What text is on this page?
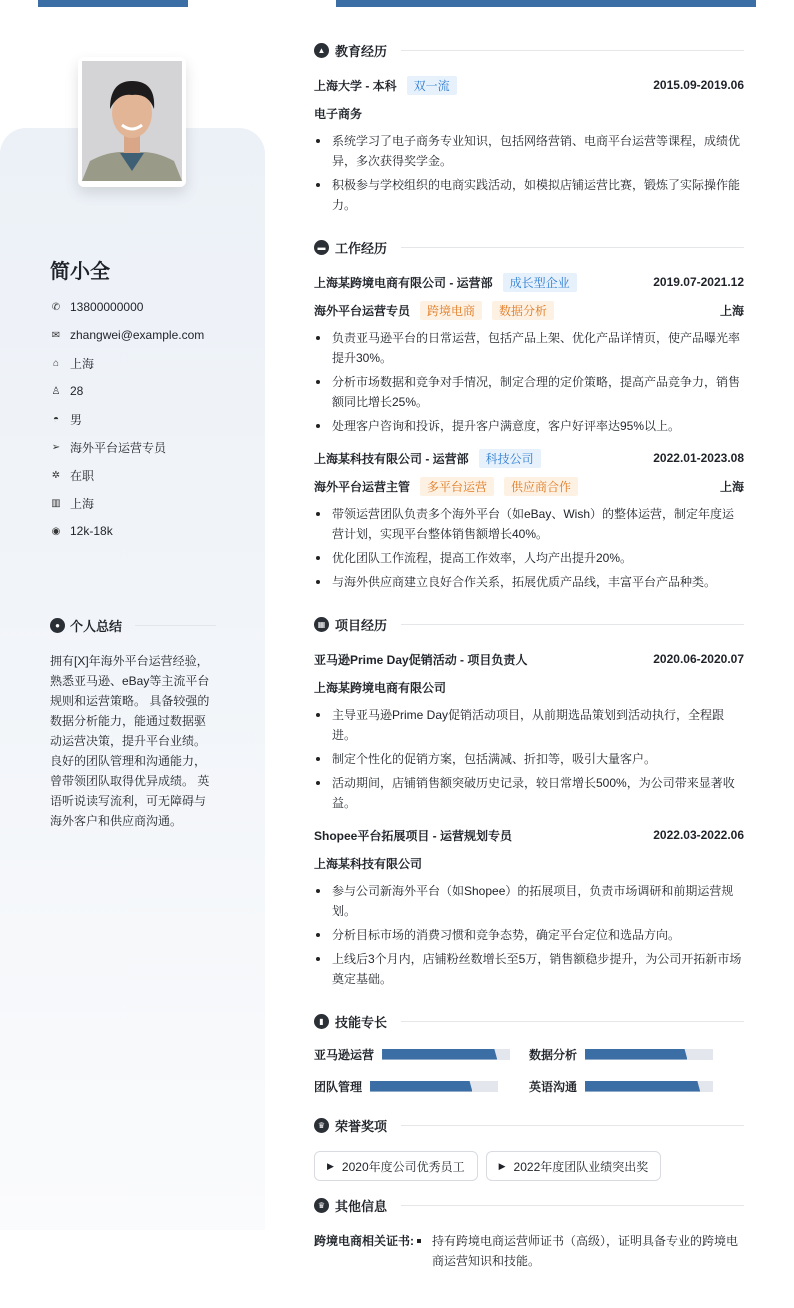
简小全
✆ 13800000000
✉ zhangwei@example.com
⌂ 上海
♙ 28
◓ 男
➢ 海外平台运营专员
✲ 在职
▥ 上海
◉ 12k-18k
● 个人总结
拥有[X]年海外平台运营经验，熟悉亚马逊、eBay等主流平台规则和运营策略。 具备较强的数据分析能力，能通过数据驱动运营决策，提升平台业绩。良好的团队管理和沟通能力，曾带领团队取得优异成绩。 英语听说读写流利，可无障碍与海外客户和供应商沟通。
▲ 教育经历
上海大学 - 本科	双一流	2015.09-2019.06
电子商务
系统学习了电子商务专业知识，包括网络营销、电商平台运营等课程，成绩优异，多次获得奖学金。
积极参与学校组织的电商实践活动，如模拟店铺运营比赛，锻炼了实际操作能力。
▬ 工作经历
上海某跨境电商有限公司 - 运营部	成长型企业	2019.07-2021.12
海外平台运营专员	跨境电商	数据分析	上海
负责亚马逊平台的日常运营，包括产品上架、优化产品详情页，使产品曝光率提升30%。
分析市场数据和竞争对手情况，制定合理的定价策略，提高产品竞争力，销售额同比增长25%。
处理客户咨询和投诉，提升客户满意度，客户好评率达95%以上。
上海某科技有限公司 - 运营部	科技公司	2022.01-2023.08
海外平台运营主管	多平台运营	供应商合作	上海
带领运营团队负责多个海外平台（如eBay、Wish）的整体运营，制定年度运营计划，实现平台整体销售额增长40%。
优化团队工作流程，提高工作效率，人均产出提升20%。
与海外供应商建立良好合作关系，拓展优质产品线，丰富平台产品种类。
▦ 项目经历
亚马逊Prime Day促销活动 - 项目负责人	2020.06-2020.07
上海某跨境电商有限公司
主导亚马逊Prime Day促销活动项目，从前期选品策划到活动执行，全程跟进。
制定个性化的促销方案，包括满减、折扣等，吸引大量客户。
活动期间，店铺销售额突破历史记录，较日常增长500%，为公司带来显著收益。
Shopee平台拓展项目 - 运营规划专员	2022.03-2022.06
上海某科技有限公司
参与公司新海外平台（如Shopee）的拓展项目，负责市场调研和前期运营规划。
分析目标市场的消费习惯和竞争态势，确定平台定位和选品方向。
上线后3个月内，店铺粉丝数增长至5万，销售额稳步提升，为公司开拓新市场奠定基础。
▮ 技能专长
亚马逊运营	数据分析
团队管理	英语沟通
♛ 荣誉奖项
▶ 2020年度公司优秀员工	▶ 2022年度团队业绩突出奖
♛ 其他信息
跨境电商相关证书:	持有跨境电商运营师证书（高级），证明具备专业的跨境电商运营知识和技能。
